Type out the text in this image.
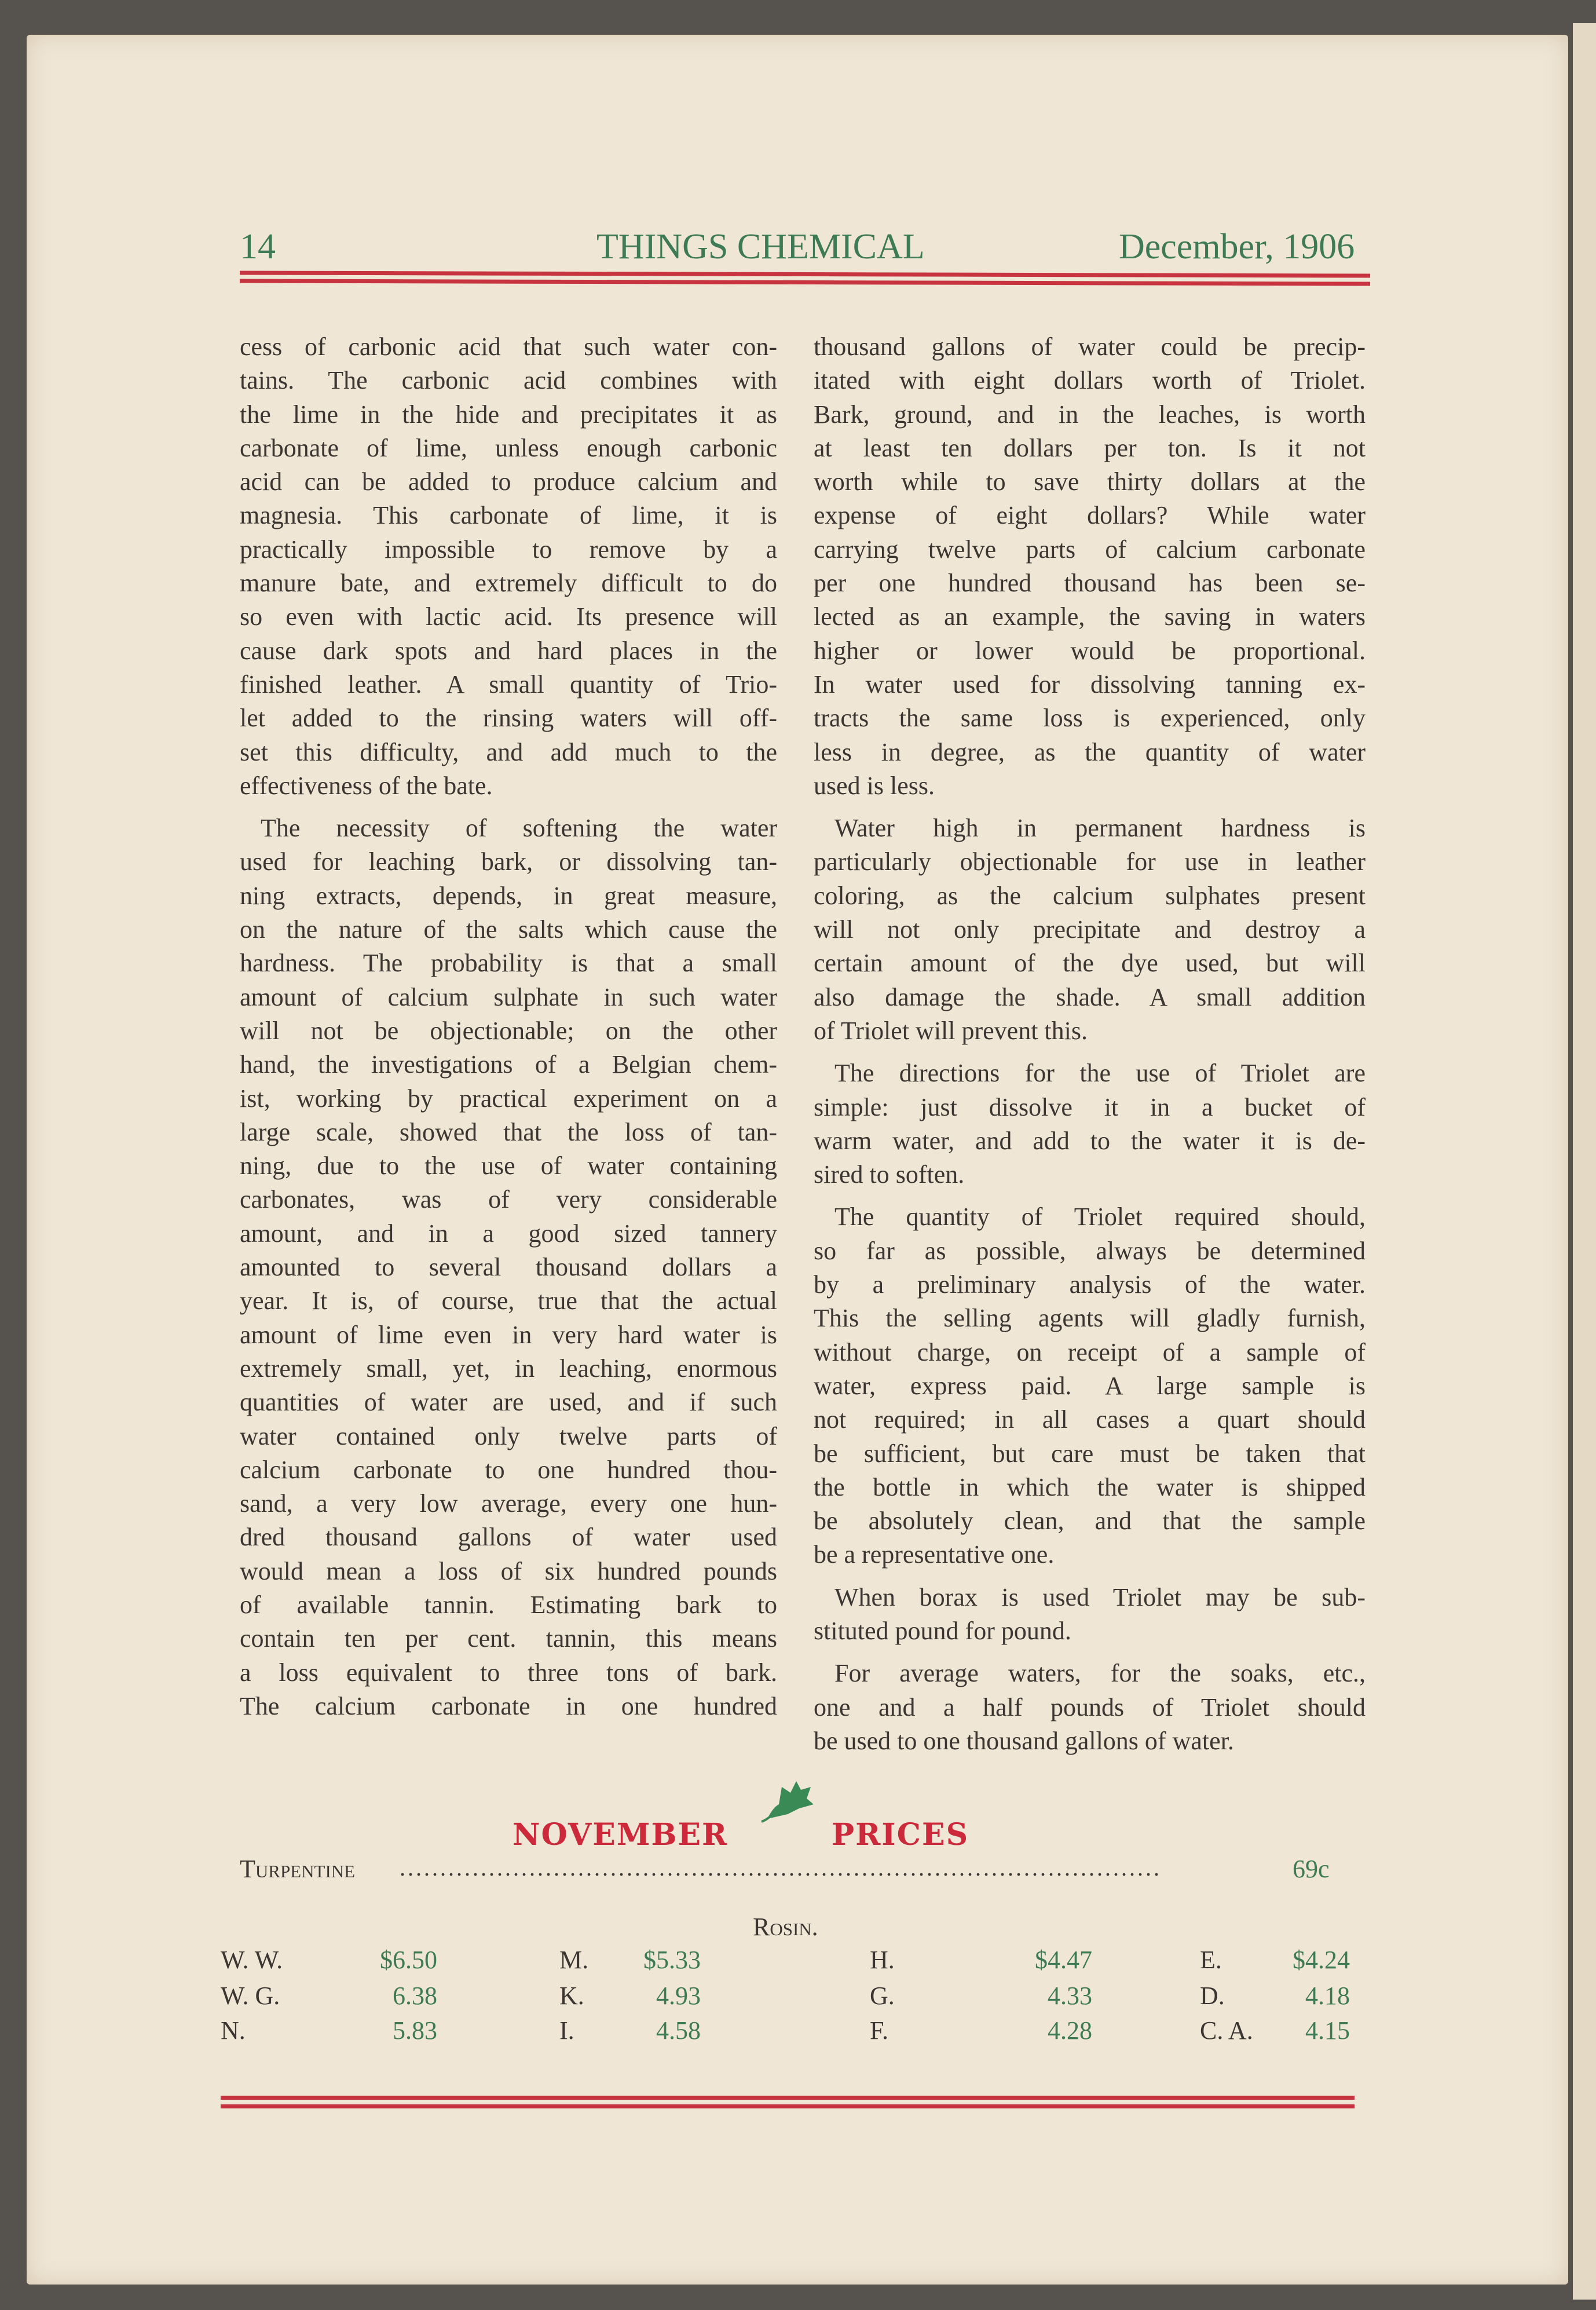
14	THINGS CHEMICAL	December, 1906
cess of carbonic acid that such water con-
tains. The carbonic acid combines with
the lime in the hide and precipitates it as
carbonate of lime, unless enough carbonic
acid can be added to produce calcium and
magnesia. This carbonate of lime, it is
practically impossible to remove by a
manure bate, and extremely difficult to do
so even with lactic acid. Its presence will
cause dark spots and hard places in the
finished leather. A small quantity of Trio-
let added to the rinsing waters will off-
set this difficulty, and add much to the
effectiveness of the bate.
The necessity of softening the water
used for leaching bark, or dissolving tan-
ning extracts, depends, in great measure,
on the nature of the salts which cause the
hardness. The probability is that a small
amount of calcium sulphate in such water
will not be objectionable; on the other
hand, the investigations of a Belgian chem-
ist, working by practical experiment on a
large scale, showed that the loss of tan-
ning, due to the use of water containing
carbonates, was of very considerable
amount, and in a good sized tannery
amounted to several thousand dollars a
year. It is, of course, true that the actual
amount of lime even in very hard water is
extremely small, yet, in leaching, enormous
quantities of water are used, and if such
water contained only twelve parts of
calcium carbonate to one hundred thou-
sand, a very low average, every one hun-
dred thousand gallons of water used
would mean a loss of six hundred pounds
of available tannin. Estimating bark to
contain ten per cent. tannin, this means
a loss equivalent to three tons of bark.
The calcium carbonate in one hundred
thousand gallons of water could be precip-
itated with eight dollars worth of Triolet.
Bark, ground, and in the leaches, is worth
at least ten dollars per ton. Is it not
worth while to save thirty dollars at the
expense of eight dollars? While water
carrying twelve parts of calcium carbonate
per one hundred thousand has been se-
lected as an example, the saving in waters
higher or lower would be proportional.
In water used for dissolving tanning ex-
tracts the same loss is experienced, only
less in degree, as the quantity of water
used is less.
Water high in permanent hardness is
particularly objectionable for use in leather
coloring, as the calcium sulphates present
will not only precipitate and destroy a
certain amount of the dye used, but will
also damage the shade. A small addition
of Triolet will prevent this.
The directions for the use of Triolet are
simple: just dissolve it in a bucket of
warm water, and add to the water it is de-
sired to soften.
The quantity of Triolet required should,
so far as possible, always be determined
by a preliminary analysis of the water.
This the selling agents will gladly furnish,
without charge, on receipt of a sample of
water, express paid. A large sample is
not required; in all cases a quart should
be sufficient, but care must be taken that
the bottle in which the water is shipped
be absolutely clean, and that the sample
be a representative one.
When borax is used Triolet may be sub-
stituted pound for pound.
For average waters, for the soaks, etc.,
one and a half pounds of Triolet should
be used to one thousand gallons of water.
NOVEMBER	PRICES
Turpentine ..............................................................................................	69c
Rosin.
W. W.	$6.50	M.	$5.33	H.	$4.47	E.	$4.24
W. G.	6.38	K.	4.93	G.	4.33	D.	4.18
N.	5.83	I.	4.58	F.	4.28	C. A.	4.15
